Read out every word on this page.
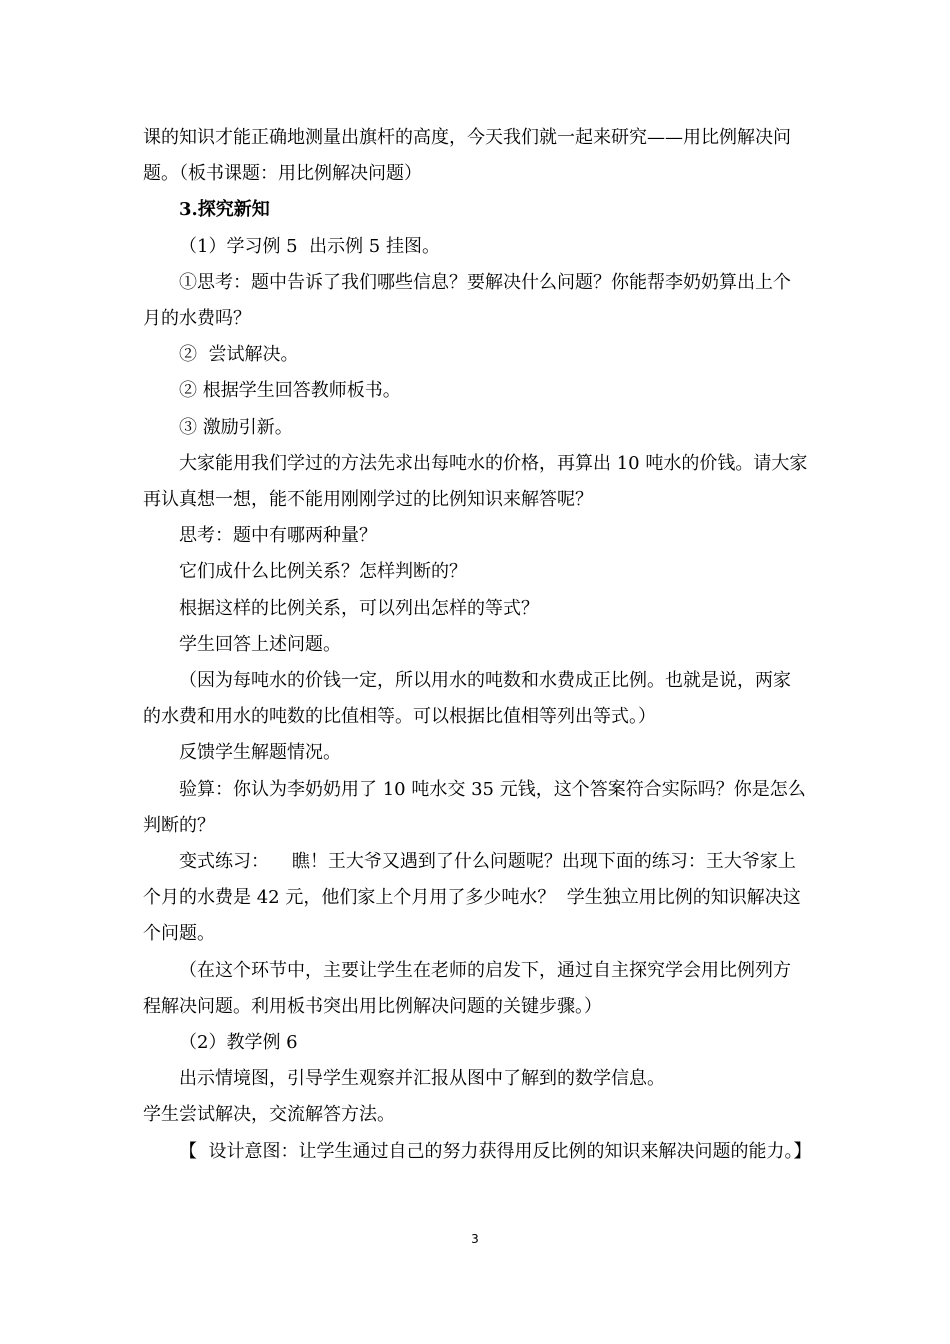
课的知识才能正确地测量出旗杆的高度，今天我们就一起来研究——用比例解决问题。（板书课题：用比例解决问题）

3.探究新知

（1）学习例 5  出示例 5 挂图。

①思考：题中告诉了我们哪些信息？要解决什么问题？你能帮李奶奶算出上个月的水费吗？

②  尝试解决。

② 根据学生回答教师板书。

③ 激励引新。

大家能用我们学过的方法先求出每吨水的价格，再算出 10 吨水的价钱。请大家再认真想一想，能不能用刚刚学过的比例知识来解答呢？

思考：题中有哪两种量？

它们成什么比例关系？怎样判断的？

根据这样的比例关系，可以列出怎样的等式？

学生回答上述问题。

（因为每吨水的价钱一定，所以用水的吨数和水费成正比例。也就是说，两家的水费和用水的吨数的比值相等。可以根据比值相等列出等式。）

反馈学生解题情况。

验算：你认为李奶奶用了 10 吨水交 35 元钱，这个答案符合实际吗？你是怎么判断的？

变式练习：    瞧！王大爷又遇到了什么问题呢？出现下面的练习：王大爷家上个月的水费是 42 元，他们家上个月用了多少吨水？  学生独立用比例的知识解决这个问题。

（在这个环节中，主要让学生在老师的启发下，通过自主探究学会用比例列方程解决问题。利用板书突出用比例解决问题的关键步骤。）

（2）教学例 6

出示情境图，引导学生观察并汇报从图中了解到的数学信息。

学生尝试解决，交流解答方法。

【  设计意图：让学生通过自己的努力获得用反比例的知识来解决问题的能力。】

3
